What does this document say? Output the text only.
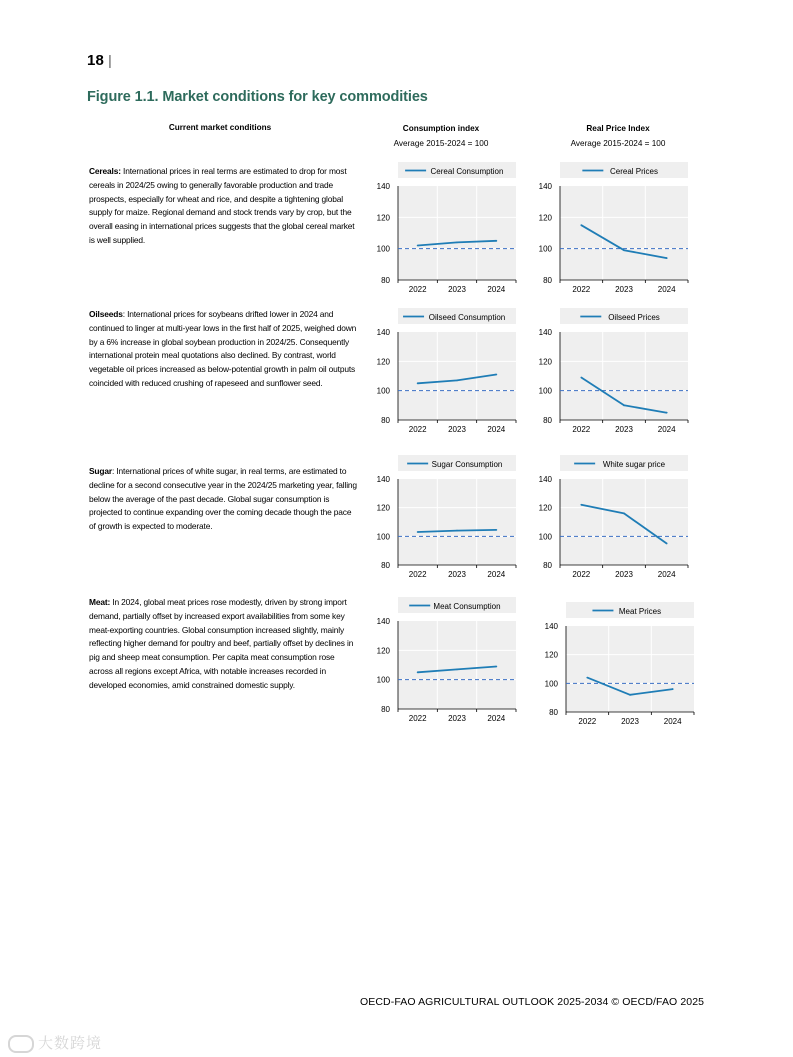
18 |
Figure 1.1. Market conditions for key commodities
Current market conditions	Consumption index
Average 2015-2024 = 100
Real Price Index
Average 2015-2024 = 100
Cereals: International prices in real terms are estimated to drop for most cereals in 2024/25 owing to generally favorable production and trade prospects, especially for wheat and rice, and despite a tightening global supply for maize. Regional demand and stock trends vary by crop, but the overall easing in international prices suggests that the global cereal market is well supplied.
Oilseeds: International prices for soybeans drifted lower in 2024 and continued to linger at multi-year lows in the first half of 2025, weighed down by a 6% increase in global soybean production in 2024/25. Consequently international protein meal quotations also declined. By contrast, world vegetable oil prices increased as below-potential growth in palm oil outputs coincided with reduced crushing of rapeseed and sunflower seed.
Sugar: International prices of white sugar, in real terms, are estimated to decline for a second consecutive year in the 2024/25 marketing year, falling below the average of the past decade. Global sugar consumption is projected to continue expanding over the coming decade though the pace of growth is expected to moderate.
Meat: In 2024, global meat prices rose modestly, driven by strong import demand, partially offset by increased export availabilities from some key meat-exporting countries. Global consumption increased slightly, mainly reflecting higher demand for poultry and beef, partially offset by declines in pig and sheep meat consumption. Per capita meat consumption rose across all regions except Africa, with notable increases recorded in developed economies, amid constrained domestic supply.
Cereal Consumption
80
100
120
140
2022	2023	2024
Cereal Prices
80
100
120
140
2022	2023	2024
Oilseed Consumption
80
100
120
140
2022	2023	2024
Oilseed Prices
80
100
120
140
2022	2023	2024
Sugar Consumption
80
100
120
140
2022	2023	2024
White sugar price
80
100
120
140
2022	2023	2024
Meat Consumption
80
100
120
140
2022	2023	2024
Meat Prices
80
100
120
140
2022	2023	2024
OECD-FAO AGRICULTURAL OUTLOOK 2025-2034 © OECD/FAO 2025
大数跨境
